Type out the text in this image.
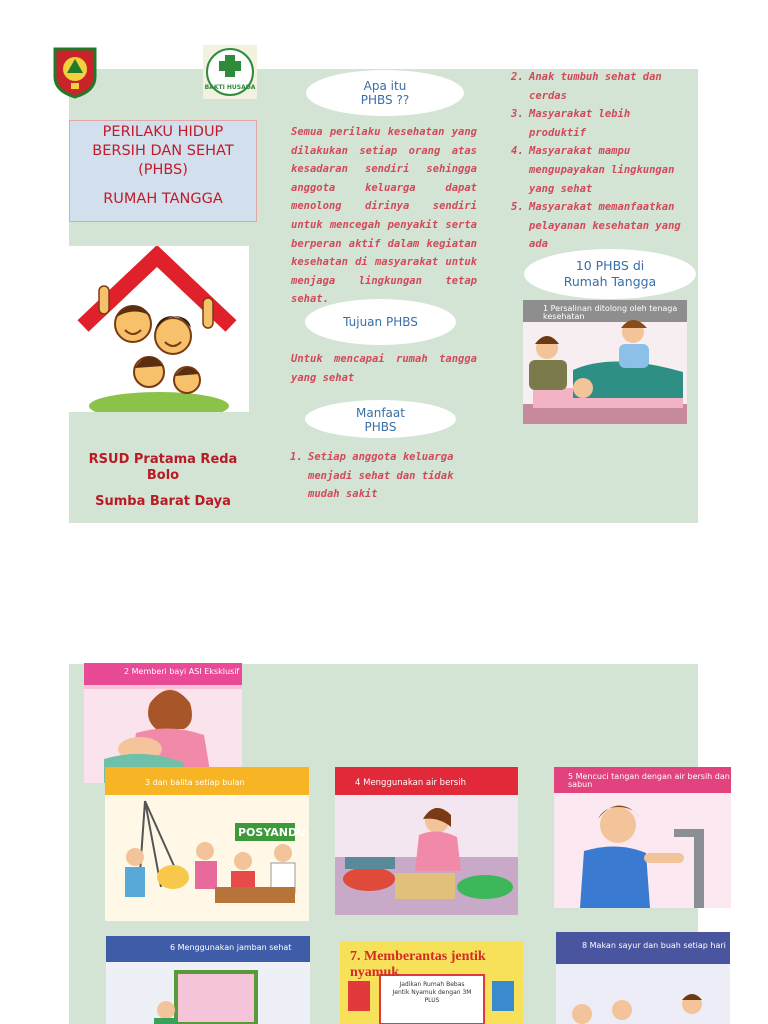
BAKTI HUSADA
PERILAKU HIDUP
BERSIH DAN SEHAT
(PHBS)
RUMAH TANGGA
RSUD Pratama Reda
Bolo
Sumba Barat Daya
Apa itu
PHBS ??
Semua perilaku kesehatan yang dilakukan setiap orang atas kesadaran sendiri sehingga anggota keluarga dapat menolong dirinya sendiri untuk mencegah penyakit serta berperan aktif dalam kegiatan kesehatan di masyarakat untuk menjaga lingkungan tetap sehat.
Tujuan PHBS
Untuk mencapai rumah tangga yang sehat
Manfaat
PHBS
1. Setiap anggota keluarga menjadi sehat dan tidak mudah sakit
2. Anak tumbuh sehat dan cerdas
3. Masyarakat lebih produktif
4. Masyarakat mampu mengupayakan lingkungan yang sehat
5. Masyarakat memanfaatkan pelayanan kesehatan yang ada
10 PHBS di
Rumah Tangga
1 Persalinan ditolong oleh tenaga kesehatan
2 Memberi bayi ASI Eksklusif
3 dan balita setiap bulan
POSYANDU
4 Menggunakan air bersih
5 Mencuci tangan dengan air bersih dan sabun
6 Menggunakan jamban sehat
7. Memberantas jentik nyamuk
Jadikan Rumah Bebas Jentik Nyamuk dengan 3M PLUS
8 Makan sayur dan buah setiap hari
